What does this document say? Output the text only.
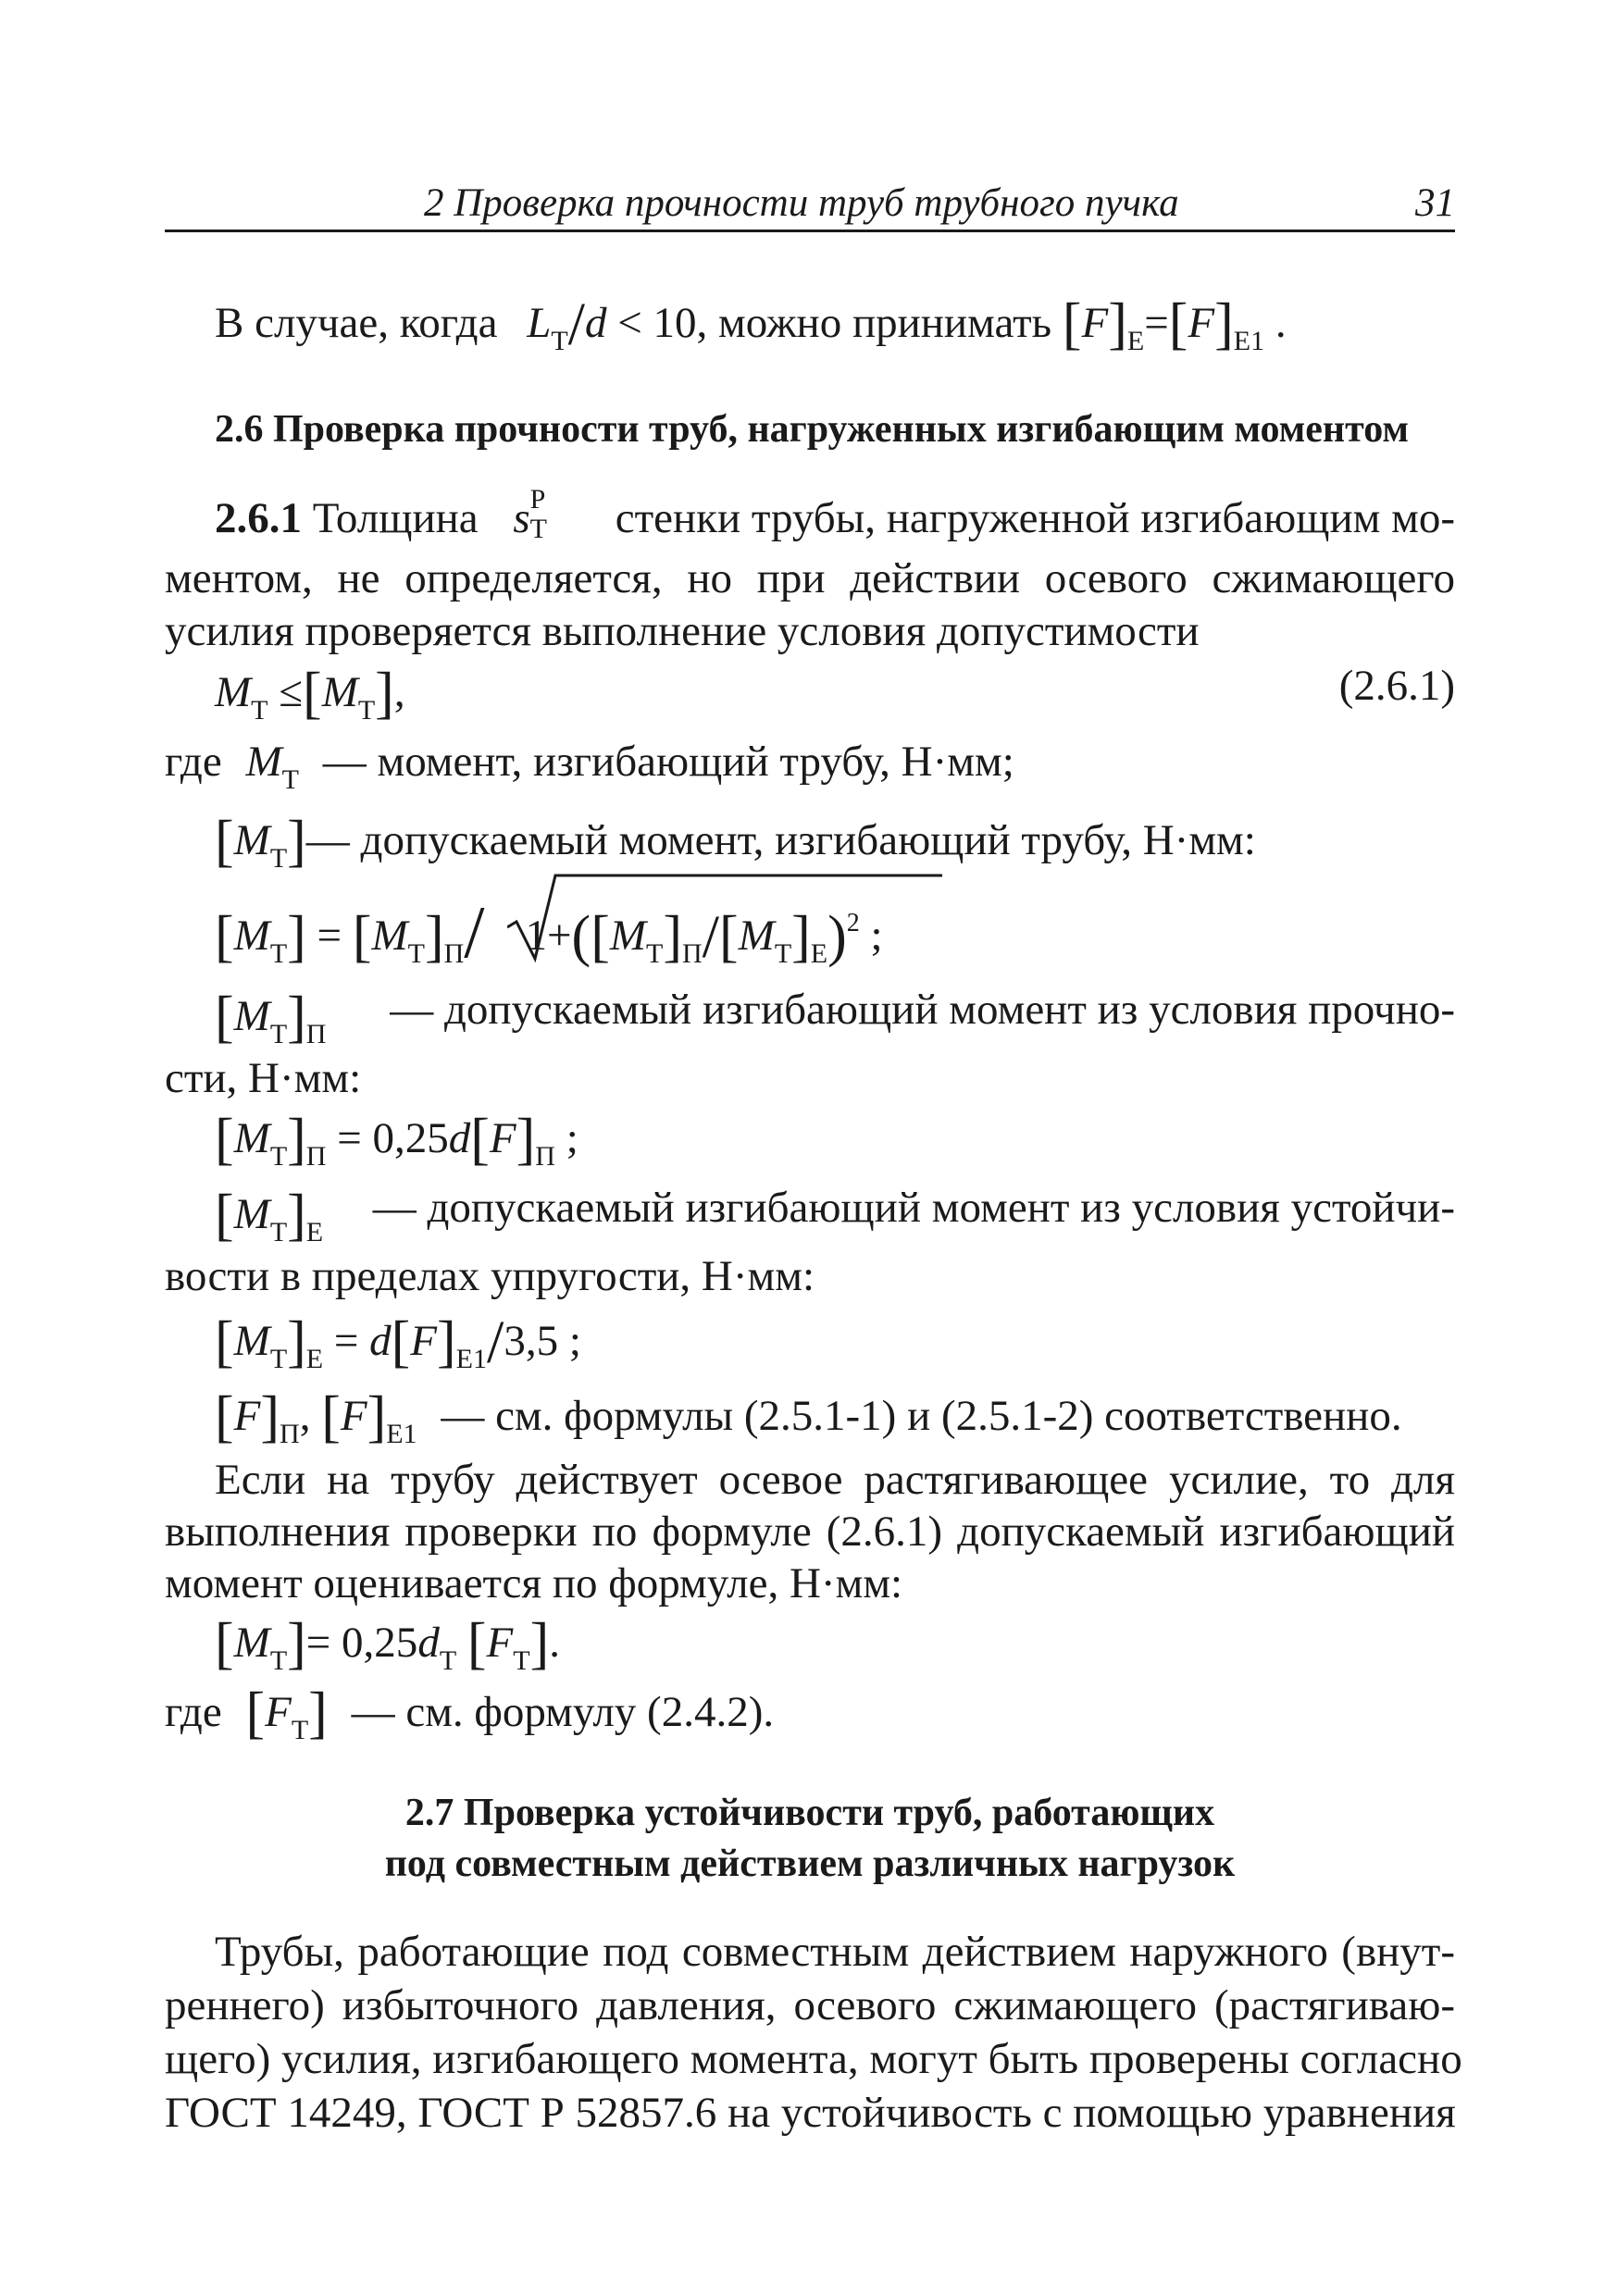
2 Проверка прочности труб трубного пучка	31
В случае, когда $L_Т/d < 10$, можно принимать $[F]_Е=[F]_{Е1}$ .
2.6 Проверка прочности труб, нагруженных изгибающим моментом
2.6.1 Толщина s Р
Т стенки трубы, нагруженной изгибающим мо-
ментом, не определяется, но при действии осевого сжимающего
усилия проверяется выполнение условия допустимости
$M_Т \le[M_Т]$,	(2.6.1)
где $M_Т$ — момент, изгибающий трубу, Н·мм;
$[M_Т]—$ допускаемый момент, изгибающий трубу, Н·мм:
$[M_Т] = [M_Т]_П/$ $1+([M_Т]_П/[M_Т]_Е)^2$ ;
$[M_Т]_П$
— допускаемый изгибающий момент из условия прочно-
сти, Н·мм:
$[M_Т]_П = 0,25d[F]_П$ ;
$[M_Т]_Е$
— допускаемый изгибающий момент из условия устойчи-
вости в пределах упругости, Н·мм:
$[M_Т]_Е = d[F]_{Е1}/3,5$ ;
$[F]_П$, $[F]_{Е1}$ — см. формулы (2.5.1-1) и (2.5.1-2) соответственно.
Если на трубу действует осевое растягивающее усилие, то для
выполнения проверки по формуле (2.6.1) допускаемый изгибающий
момент оценивается по формуле, Н·мм:
$[M_Т]= 0,25d_Т$ $[F_Т]$.
где $[F_Т]$ — см. формулу (2.4.2).
2.7 Проверка устойчивости труб, работающих
под совместным действием различных нагрузок
Трубы, работающие под совместным действием наружного (внут-
реннего) избыточного давления, осевого сжимающего (растягиваю-
щего) усилия, изгибающего момента, могут быть проверены согласно
ГОСТ 14249, ГОСТ Р 52857.6 на устойчивость с помощью уравнения
